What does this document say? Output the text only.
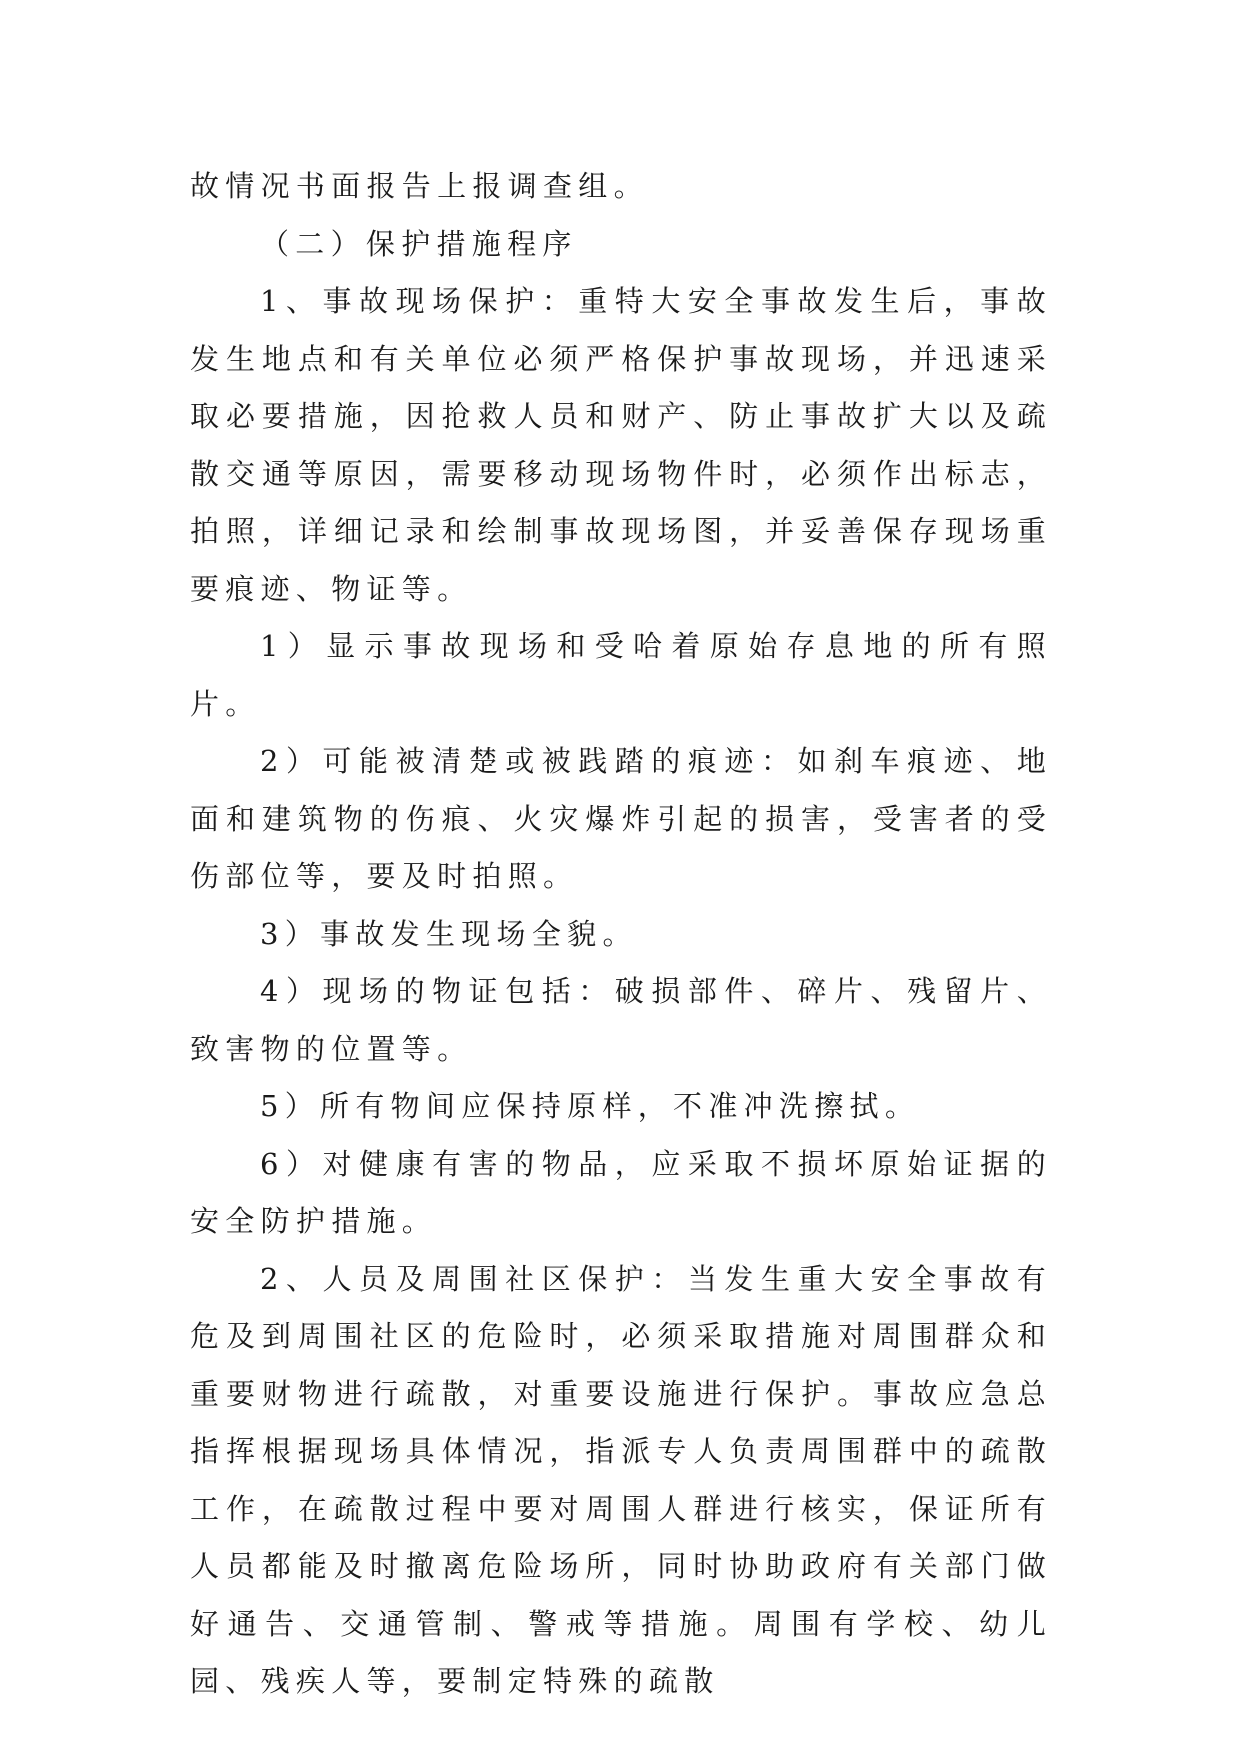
故情况书面报告上报调查组。

（二）保护措施程序

1、事故现场保护：重特大安全事故发生后，事故发生地点和有关单位必须严格保护事故现场，并迅速采取必要措施，因抢救人员和财产、防止事故扩大以及疏散交通等原因，需要移动现场物件时，必须作出标志，拍照，详细记录和绘制事故现场图，并妥善保存现场重要痕迹、物证等。

1）显示事故现场和受哈着原始存息地的所有照片。

2）可能被清楚或被践踏的痕迹：如刹车痕迹、地面和建筑物的伤痕、火灾爆炸引起的损害，受害者的受伤部位等，要及时拍照。

3）事故发生现场全貌。

4）现场的物证包括：破损部件、碎片、残留片、致害物的位置等。

5）所有物间应保持原样，不准冲洗擦拭。

6）对健康有害的物品，应采取不损坏原始证据的安全防护措施。

2、人员及周围社区保护：当发生重大安全事故有危及到周围社区的危险时，必须采取措施对周围群众和重要财物进行疏散，对重要设施进行保护。事故应急总指挥根据现场具体情况，指派专人负责周围群中的疏散工作，在疏散过程中要对周围人群进行核实，保证所有人员都能及时撤离危险场所，同时协助政府有关部门做好通告、交通管制、警戒等措施。周围有学校、幼儿园、残疾人等，要制定特殊的疏散
